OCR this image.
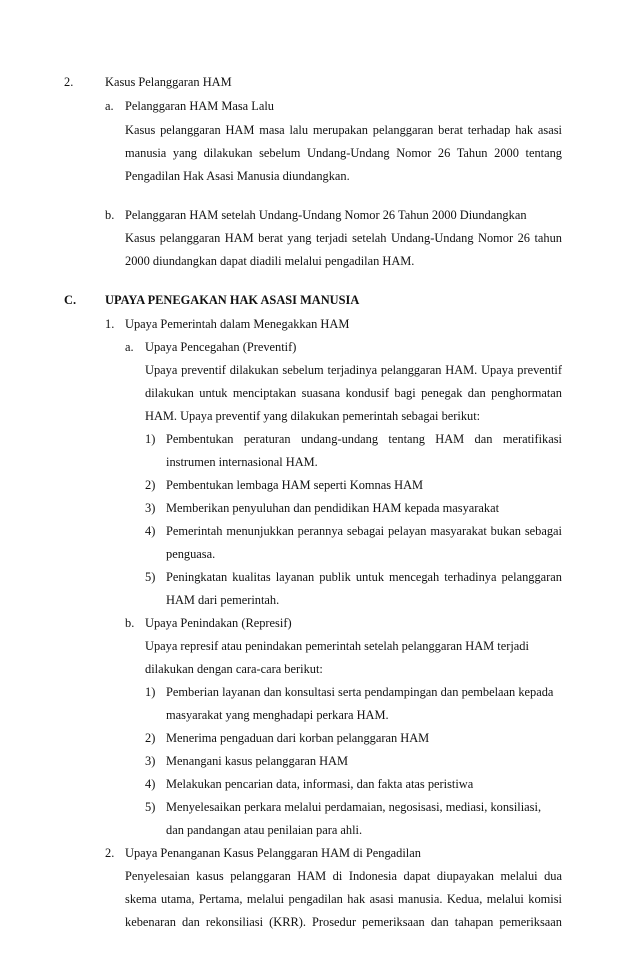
2.	Kasus Pelanggaran HAM
a. Pelanggaran HAM Masa Lalu
Kasus pelanggaran HAM masa lalu merupakan pelanggaran berat terhadap hak asasi
manusia yang dilakukan sebelum Undang-Undang Nomor 26 Tahun 2000 tentang
Pengadilan Hak Asasi Manusia diundangkan.
b. Pelanggaran HAM setelah Undang-Undang Nomor 26 Tahun 2000 Diundangkan
Kasus pelanggaran HAM berat yang terjadi setelah Undang-Undang Nomor 26 tahun
2000 diundangkan dapat diadili melalui pengadilan HAM.
C. UPAYA PENEGAKAN HAK ASASI MANUSIA
1. Upaya Pemerintah dalam Menegakkan HAM
a. Upaya Pencegahan (Preventif)
Upaya preventif dilakukan sebelum terjadinya pelanggaran HAM. Upaya preventif
dilakukan untuk menciptakan suasana kondusif bagi penegak dan penghormatan
HAM. Upaya preventif yang dilakukan pemerintah sebagai berikut:
1) Pembentukan peraturan undang-undang tentang HAM dan meratifikasi
instrumen internasional HAM.
2) Pembentukan lembaga HAM seperti Komnas HAM
3) Memberikan penyuluhan dan pendidikan HAM kepada masyarakat
4) Pemerintah menunjukkan perannya sebagai pelayan masyarakat bukan sebagai
penguasa.
5) Peningkatan kualitas layanan publik untuk mencegah terhadinya pelanggaran
HAM dari pemerintah.
b. Upaya Penindakan (Represif)
Upaya represif atau penindakan pemerintah setelah pelanggaran HAM terjadi
dilakukan dengan cara-cara berikut:
1) Pemberian layanan dan konsultasi serta pendampingan dan pembelaan kepada
masyarakat yang menghadapi perkara HAM.
2) Menerima pengaduan dari korban pelanggaran HAM
3) Menangani kasus pelanggaran HAM
4) Melakukan pencarian data, informasi, dan fakta atas peristiwa
5) Menyelesaikan perkara melalui perdamaian, negosisasi, mediasi, konsiliasi,
dan pandangan atau penilaian para ahli.
2. Upaya Penanganan Kasus Pelanggaran HAM di Pengadilan
Penyelesaian kasus pelanggaran HAM di Indonesia dapat diupayakan melalui dua
skema utama, Pertama, melalui pengadilan hak asasi manusia. Kedua, melalui komisi
kebenaran dan rekonsiliasi (KRR). Prosedur pemeriksaan dan tahapan pemeriksaan
